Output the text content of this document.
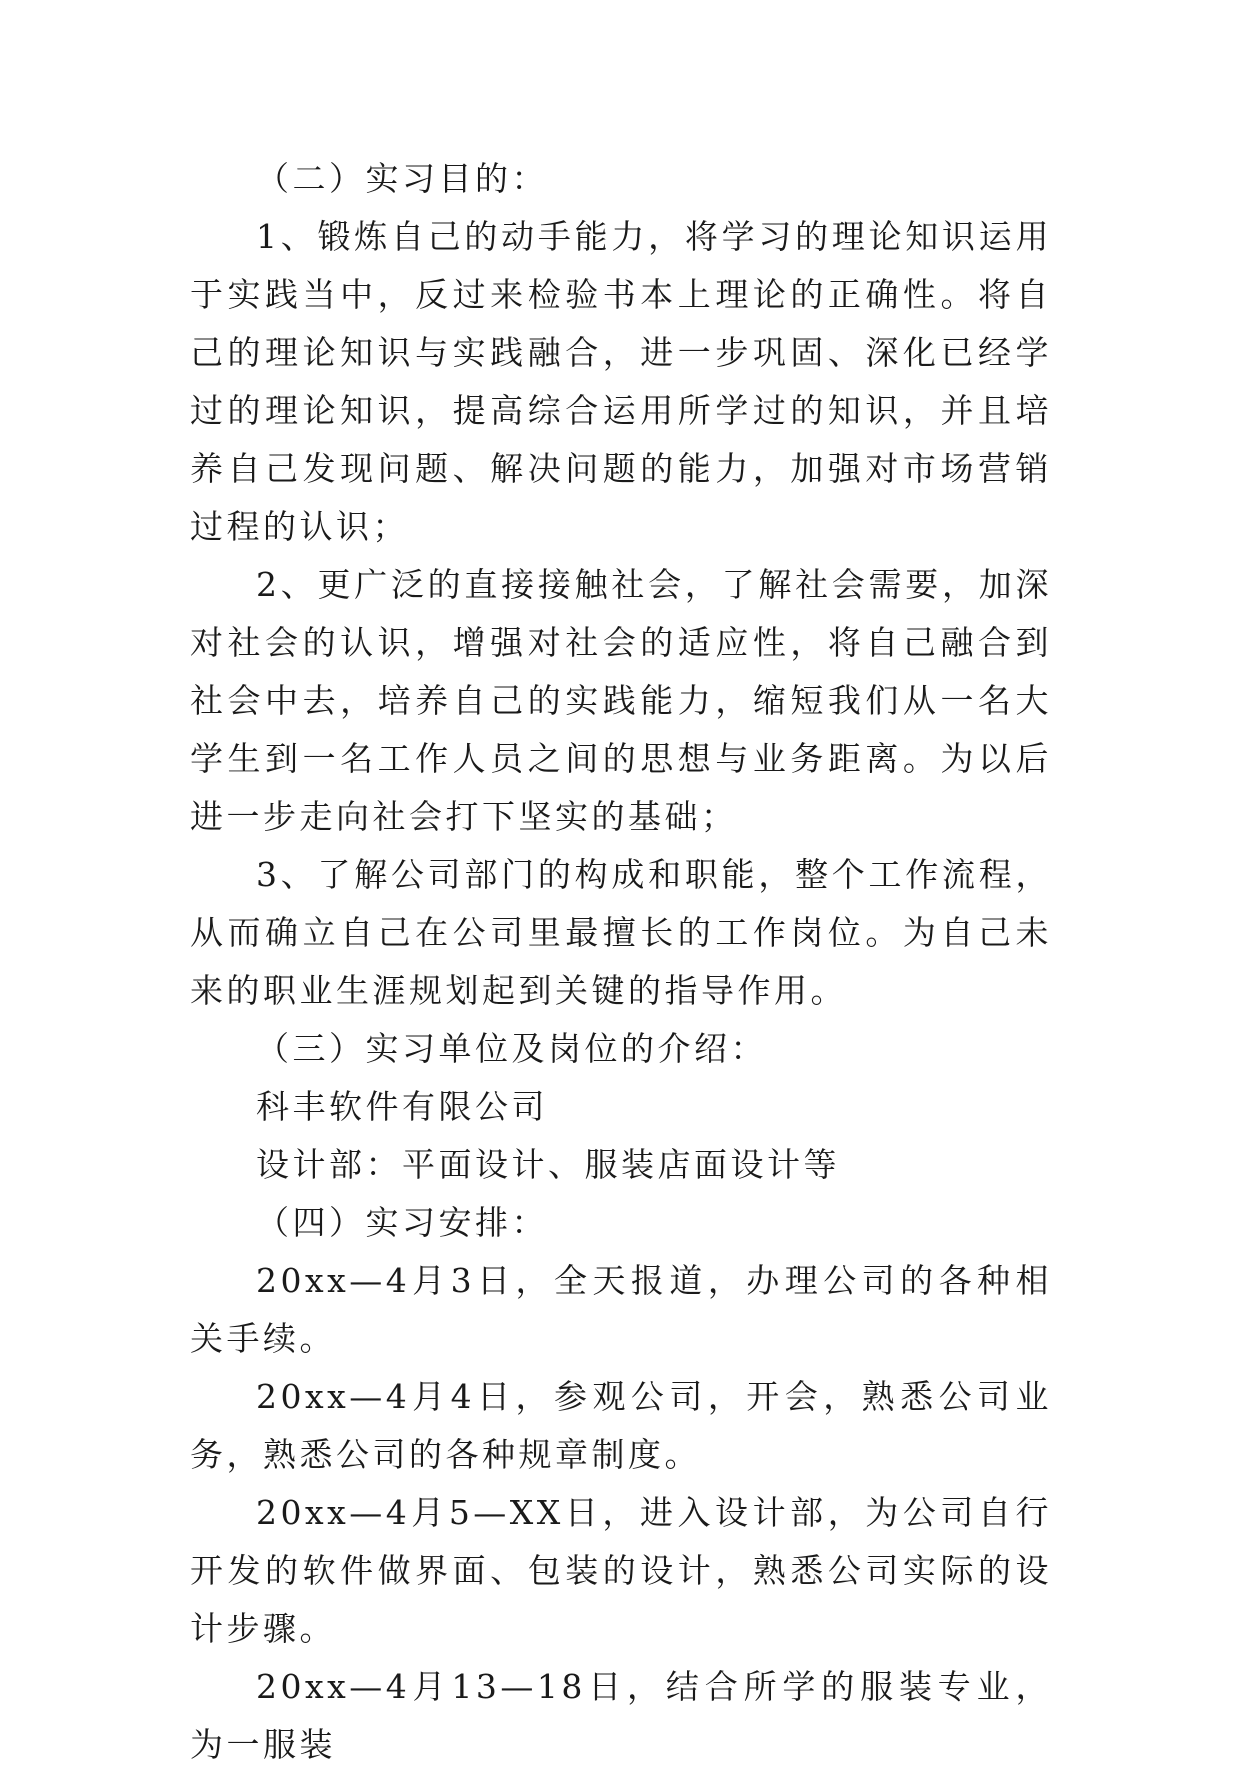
（二）实习目的：

1、锻炼自己的动手能力，将学习的理论知识运用于实践当中，反过来检验书本上理论的正确性。将自己的理论知识与实践融合，进一步巩固、深化已经学过的理论知识，提高综合运用所学过的知识，并且培养自己发现问题、解决问题的能力，加强对市场营销过程的认识；

2、更广泛的直接接触社会，了解社会需要，加深对社会的认识，增强对社会的适应性，将自己融合到社会中去，培养自己的实践能力，缩短我们从一名大学生到一名工作人员之间的思想与业务距离。为以后进一步走向社会打下坚实的基础；

3、了解公司部门的构成和职能，整个工作流程，从而确立自己在公司里最擅长的工作岗位。为自己未来的职业生涯规划起到关键的指导作用。

（三）实习单位及岗位的介绍：

科丰软件有限公司

设计部：平面设计、服装店面设计等

（四）实习安排：

20xx—4月3日，全天报道，办理公司的各种相关手续。

20xx—4月4日，参观公司，开会，熟悉公司业务，熟悉公司的各种规章制度。

20xx—4月5—XX日，进入设计部，为公司自行开发的软件做界面、包装的设计，熟悉公司实际的设计步骤。

20xx—4月13—18日，结合所学的服装专业，为一服装
